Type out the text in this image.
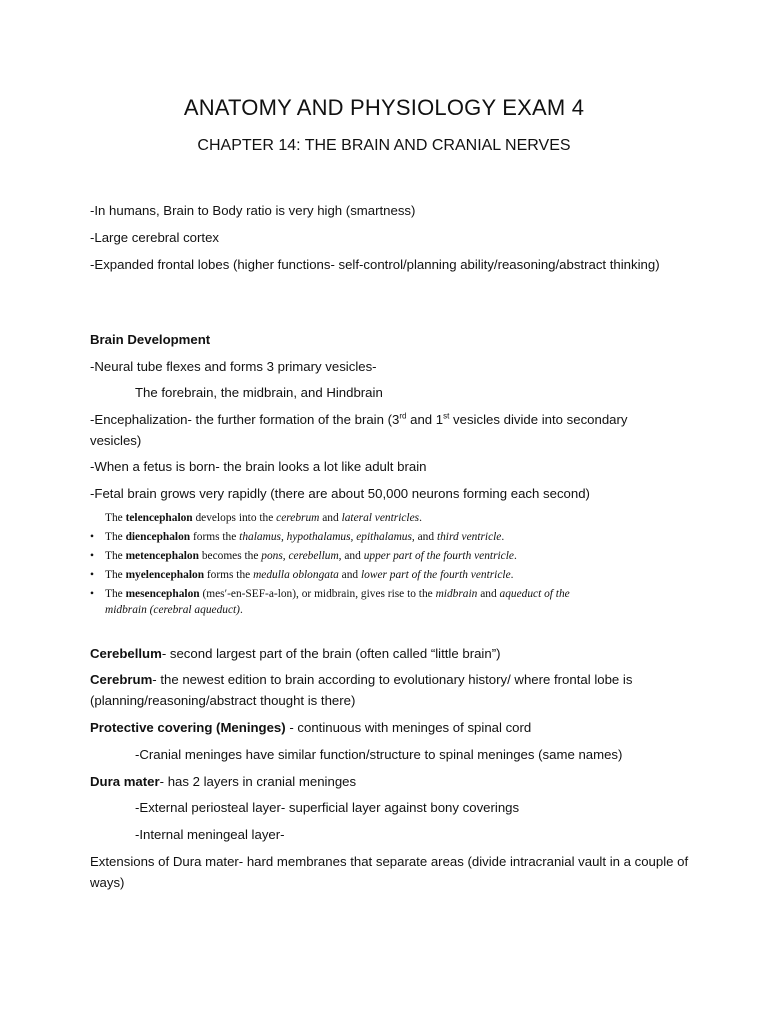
ANATOMY AND PHYSIOLOGY EXAM 4
CHAPTER 14: THE BRAIN AND CRANIAL NERVES

-In humans, Brain to Body ratio is very high (smartness)

-Large cerebral cortex

-Expanded frontal lobes (higher functions- self-control/planning ability/reasoning/abstract thinking)

Brain Development

-Neural tube flexes and forms 3 primary vesicles-

The forebrain, the midbrain, and Hindbrain

-Encephalization- the further formation of the brain (3rd and 1st vesicles divide into secondary vesicles)

-When a fetus is born- the brain looks a lot like adult brain

-Fetal brain grows very rapidly (there are about 50,000 neurons forming each second)

The telencephalon develops into the cerebrum and lateral ventricles.

• The diencephalon forms the thalamus, hypothalamus, epithalamus, and third ventricle.

• The metencephalon becomes the pons, cerebellum, and upper part of the fourth ventricle.

• The myelencephalon forms the medulla oblongata and lower part of the fourth ventricle.

• The mesencephalon (mes′-en-SEF-a-lon), or midbrain, gives rise to the midbrain and aqueduct of the

midbrain (cerebral aqueduct).

Cerebellum- second largest part of the brain (often called “little brain”)

Cerebrum- the newest edition to brain according to evolutionary history/ where frontal lobe is (planning/reasoning/abstract thought is there)

Protective covering (Meninges) - continuous with meninges of spinal cord

-Cranial meninges have similar function/structure to spinal meninges (same names)

Dura mater- has 2 layers in cranial meninges

-External periosteal layer- superficial layer against bony coverings

-Internal meningeal layer-

Extensions of Dura mater- hard membranes that separate areas (divide intracranial vault in a couple of ways)
